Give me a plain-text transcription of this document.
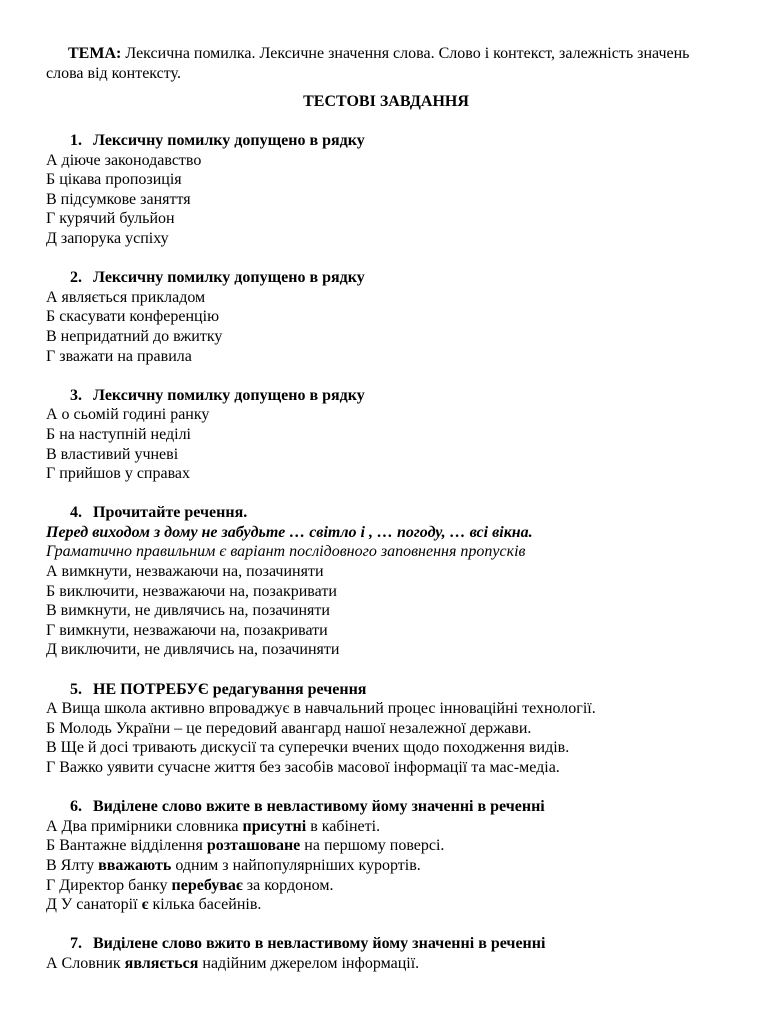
ТЕМА: Лексична помилка. Лексичне значення слова. Слово і контекст, залежність значень слова від контексту.
ТЕСТОВІ ЗАВДАННЯ
1. Лексичну помилку допущено в рядку
А діюче законодавство
Б цікава пропозиція
В підсумкове заняття
Г курячий бульйон
Д запорука успіху
2. Лексичну помилку допущено в рядку
А являється прикладом
Б скасувати конференцію
В непридатний до вжитку
Г зважати на правила
3. Лексичну помилку допущено в рядку
А о сьомій годині ранку
Б на наступній неділі
В властивий учневі
Г прийшов у справах
4. Прочитайте речення.
Перед виходом з дому не забудьте … світло і , … погоду, … всі вікна.
Граматично правильним є варіант послідовного заповнення пропусків
А вимкнути, незважаючи на, позачиняти
Б виключити, незважаючи на, позакривати
В вимкнути, не дивлячись на, позачиняти
Г вимкнути, незважаючи на, позакривати
Д виключити, не дивлячись на, позачиняти
5. НЕ ПОТРЕБУЄ редагування речення
А Вища школа активно впроваджує в навчальний процес інноваційні технології.
Б Молодь України – це передовий авангард нашої незалежної держави.
В Ще й досі тривають дискусії та суперечки вчених щодо походження видів.
Г Важко уявити сучасне життя без засобів масової інформації та мас-медіа.
6. Виділене слово вжите в невластивому йому значенні в реченні
А Два примірники словника присутні в кабінеті.
Б Вантажне відділення розташоване на першому поверсі.
В Ялту вважають одним з найпопулярніших курортів.
Г Директор банку перебуває за кордоном.
Д У санаторії є кілька басейнів.
7. Виділене слово вжито в невластивому йому значенні в реченні
А Словник являється надійним джерелом інформації.
